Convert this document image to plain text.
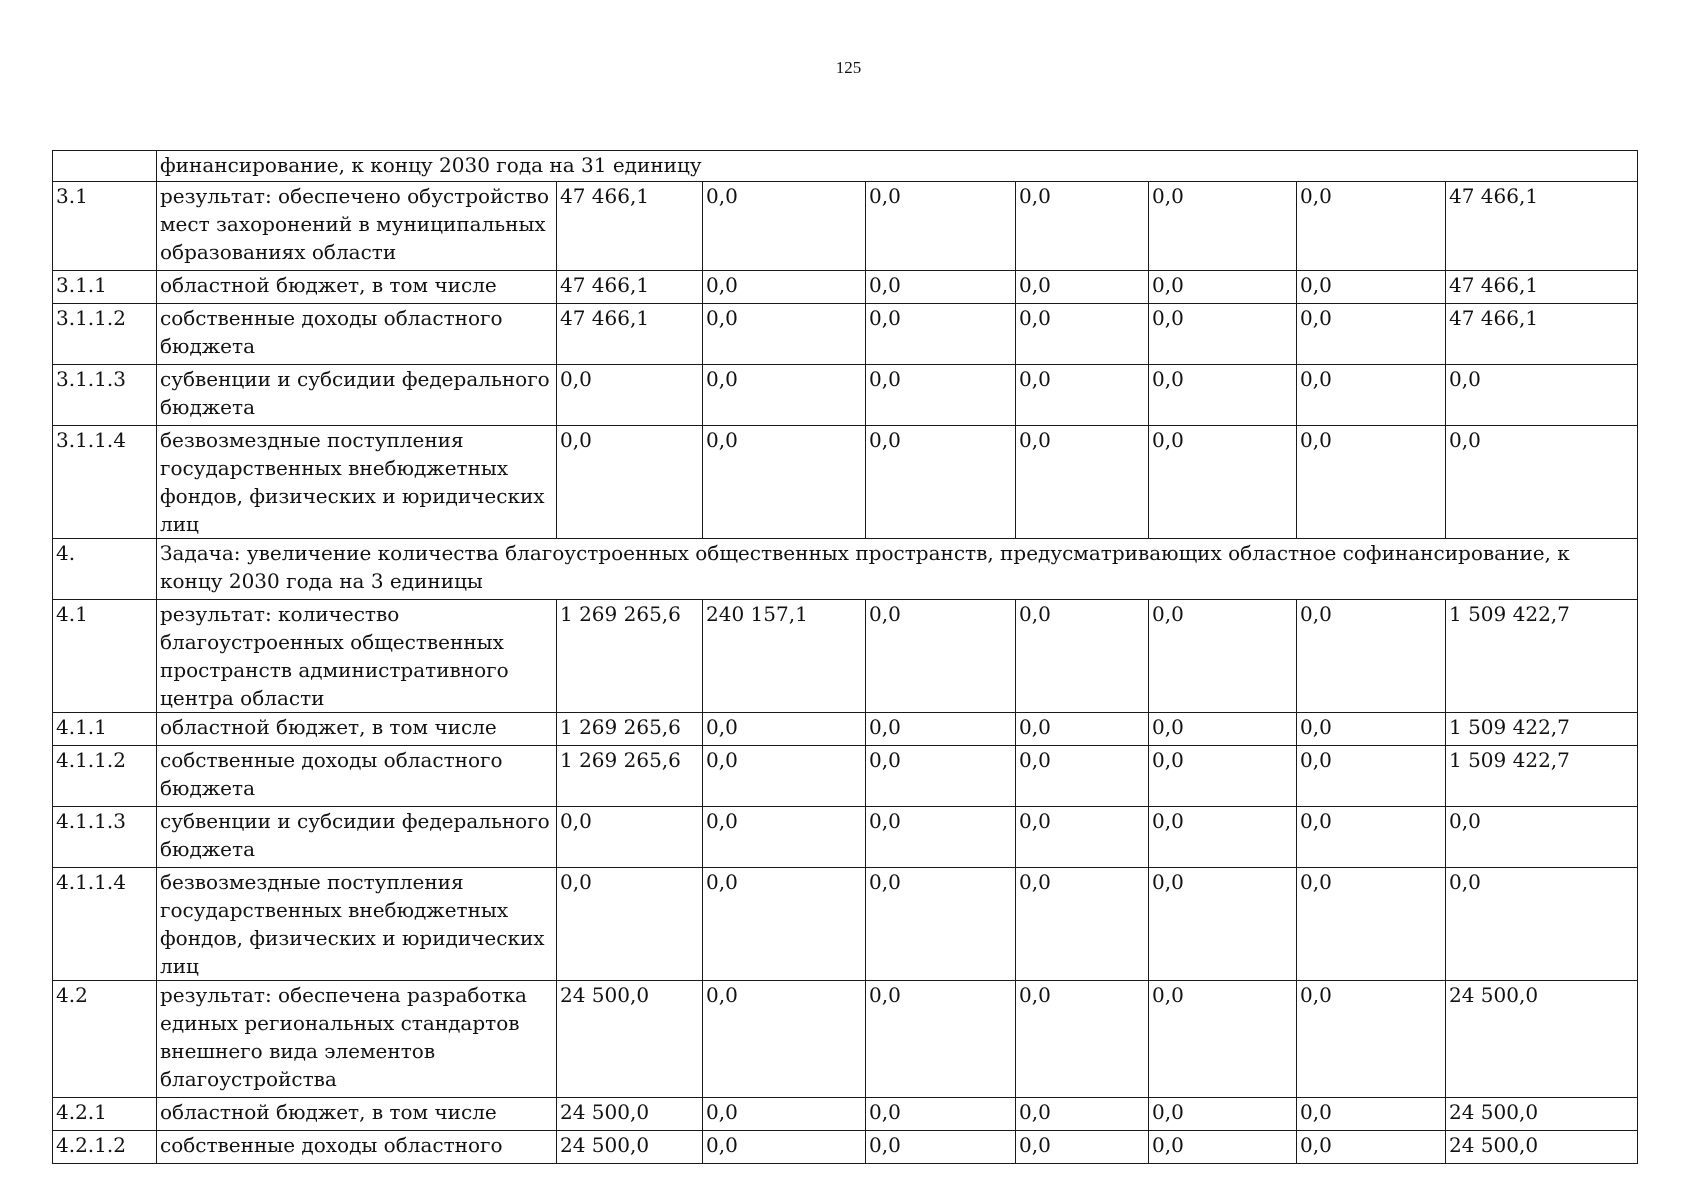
125
	финансирование, к концу 2030 года на 31 единицу							
3.1	результат: обеспечено обустройство мест захоронений в муниципальных образованиях области	47 466,1	0,0	0,0	0,0	0,0	0,0	47 466,1
3.1.1	областной бюджет, в том числе	47 466,1	0,0	0,0	0,0	0,0	0,0	47 466,1
3.1.1.2	собственные доходы областного бюджета	47 466,1	0,0	0,0	0,0	0,0	0,0	47 466,1
3.1.1.3	субвенции и субсидии федерального бюджета	0,0	0,0	0,0	0,0	0,0	0,0	0,0
3.1.1.4	безвозмездные поступления государственных внебюджетных фондов, физических и юридических лиц	0,0	0,0	0,0	0,0	0,0	0,0	0,0
4.	Задача: увеличение количества благоустроенных общественных пространств, предусматривающих областное софинансирование, к концу 2030 года на 3 единицы							
4.1	результат: количество благоустроенных общественных пространств административного центра области	1 269 265,6	240 157,1	0,0	0,0	0,0	0,0	1 509 422,7
4.1.1	областной бюджет, в том числе	1 269 265,6	0,0	0,0	0,0	0,0	0,0	1 509 422,7
4.1.1.2	собственные доходы областного бюджета	1 269 265,6	0,0	0,0	0,0	0,0	0,0	1 509 422,7
4.1.1.3	субвенции и субсидии федерального бюджета	0,0	0,0	0,0	0,0	0,0	0,0	0,0
4.1.1.4	безвозмездные поступления государственных внебюджетных фондов, физических и юридических лиц	0,0	0,0	0,0	0,0	0,0	0,0	0,0
4.2	результат: обеспечена разработка единых региональных стандартов внешнего вида элементов благоустройства	24 500,0	0,0	0,0	0,0	0,0	0,0	24 500,0
4.2.1	областной бюджет, в том числе	24 500,0	0,0	0,0	0,0	0,0	0,0	24 500,0
4.2.1.2	собственные доходы областного	24 500,0	0,0	0,0	0,0	0,0	0,0	24 500,0
